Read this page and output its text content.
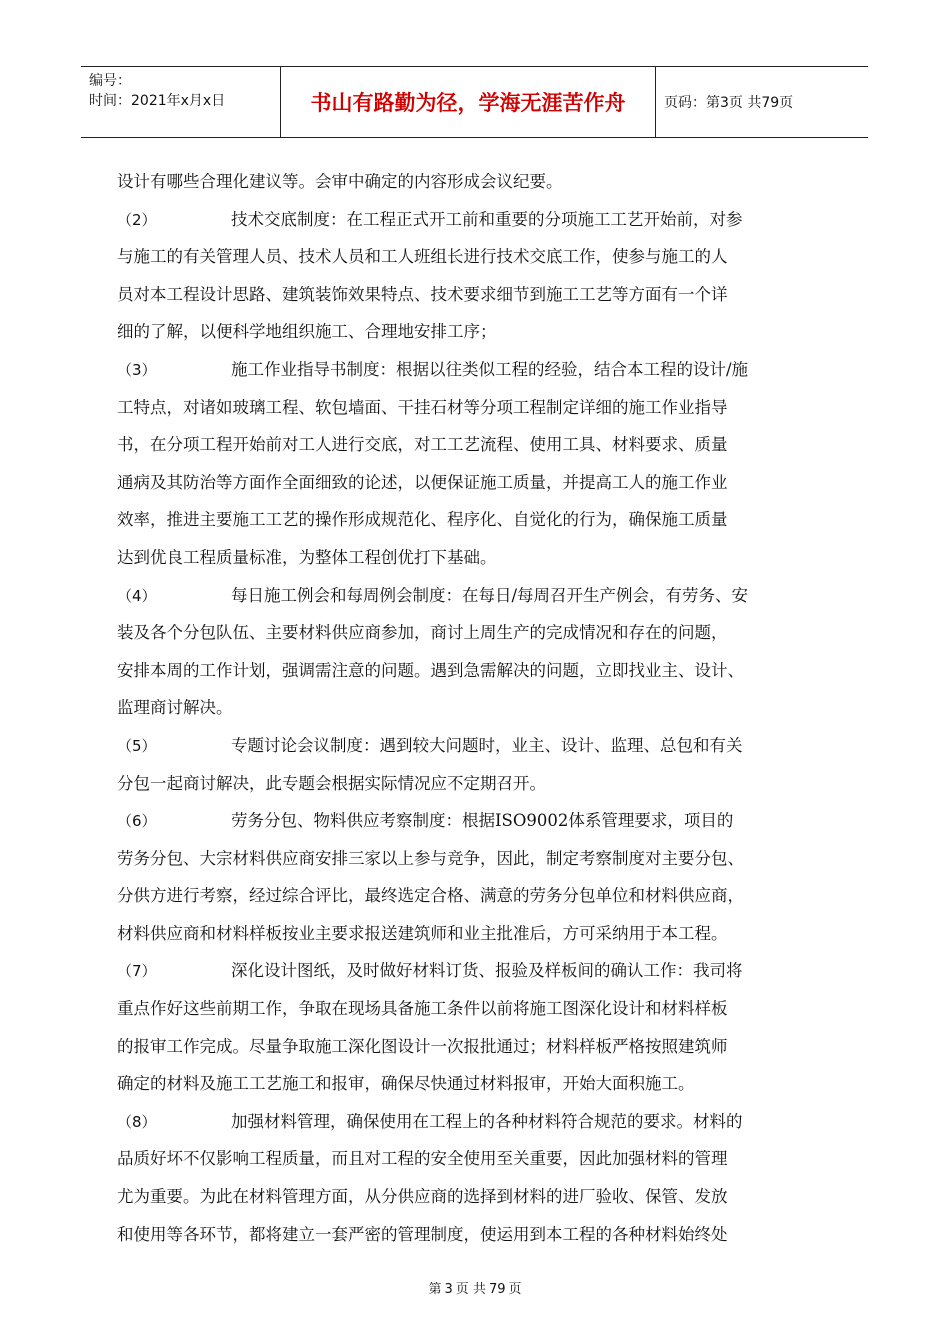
编号：
时间：2021年x月x日	书山有路勤为径，学海无涯苦作舟	页码：第3页 共79页
设计有哪些合理化建议等。会审中确定的内容形成会议纪要。
（2）	技术交底制度：在工程正式开工前和重要的分项施工工艺开始前，对参
与施工的有关管理人员、技术人员和工人班组长进行技术交底工作，使参与施工的人
员对本工程设计思路、建筑装饰效果特点、技术要求细节到施工工艺等方面有一个详
细的了解，以便科学地组织施工、合理地安排工序；
（3）	施工作业指导书制度：根据以往类似工程的经验，结合本工程的设计/施
工特点，对诸如玻璃工程、软包墙面、干挂石材等分项工程制定详细的施工作业指导
书，在分项工程开始前对工人进行交底，对工工艺流程、使用工具、材料要求、质量
通病及其防治等方面作全面细致的论述，以便保证施工质量，并提高工人的施工作业
效率，推进主要施工工艺的操作形成规范化、程序化、自觉化的行为，确保施工质量
达到优良工程质量标准，为整体工程创优打下基础。
（4）	每日施工例会和每周例会制度：在每日/每周召开生产例会，有劳务、安
装及各个分包队伍、主要材料供应商参加，商讨上周生产的完成情况和存在的问题，
安排本周的工作计划，强调需注意的问题。遇到急需解决的问题，立即找业主、设计、
监理商讨解决。
（5）	专题讨论会议制度：遇到较大问题时，业主、设计、监理、总包和有关
分包一起商讨解决，此专题会根据实际情况应不定期召开。
（6）	劳务分包、物料供应考察制度：根据ISO9002体系管理要求，项目的
劳务分包、大宗材料供应商安排三家以上参与竞争，因此，制定考察制度对主要分包、
分供方进行考察，经过综合评比，最终选定合格、满意的劳务分包单位和材料供应商，
材料供应商和材料样板按业主要求报送建筑师和业主批准后，方可采纳用于本工程。
（7）	深化设计图纸，及时做好材料订货、报验及样板间的确认工作：我司将
重点作好这些前期工作，争取在现场具备施工条件以前将施工图深化设计和材料样板
的报审工作完成。尽量争取施工深化图设计一次报批通过；材料样板严格按照建筑师
确定的材料及施工工艺施工和报审，确保尽快通过材料报审，开始大面积施工。
（8）	加强材料管理，确保使用在工程上的各种材料符合规范的要求。材料的
品质好坏不仅影响工程质量，而且对工程的安全使用至关重要，因此加强材料的管理
尤为重要。为此在材料管理方面，从分供应商的选择到材料的进厂验收、保管、发放
和使用等各环节，都将建立一套严密的管理制度，使运用到本工程的各种材料始终处
第 3 页 共 79 页
